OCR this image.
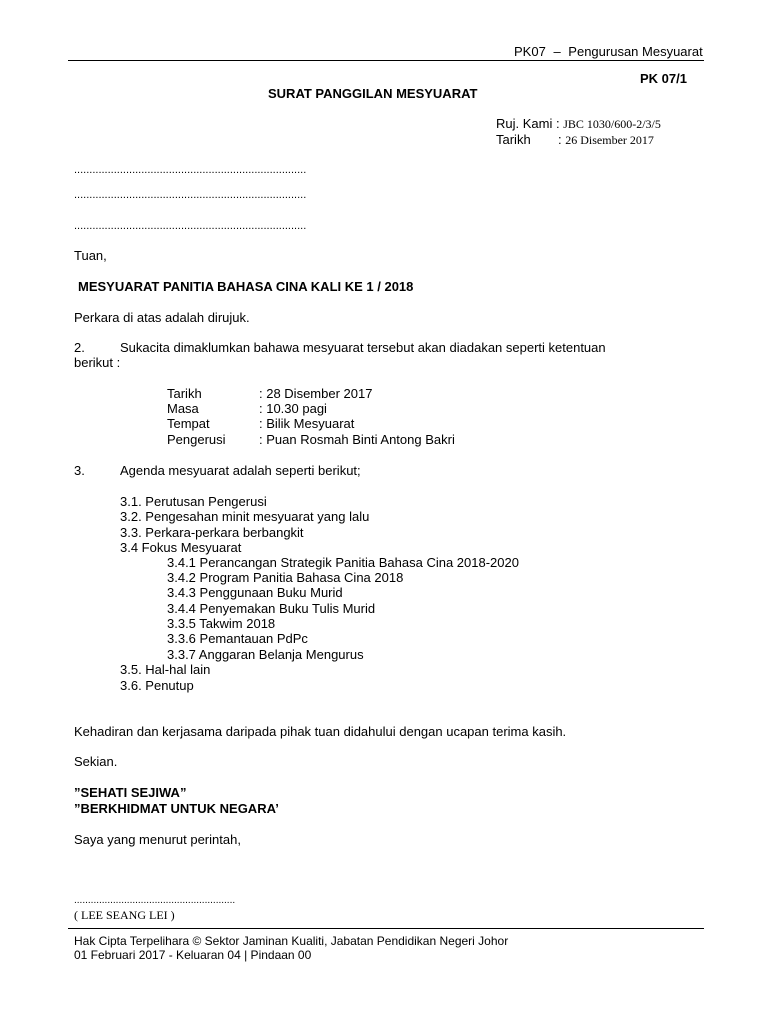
PK07 – Pengurusan Mesyuarat
PK 07/1
SURAT PANGGILAN MESYUARAT
Ruj. Kami : JBC 1030/600-2/3/5
Tarikh : 26 Disember 2017
............................................................................
............................................................................
............................................................................
Tuan,
MESYUARAT PANITIA BAHASA CINA KALI KE 1 / 2018
Perkara di atas adalah dirujuk.
2.	Sukacita dimaklumkan bahawa mesyuarat tersebut akan diadakan seperti ketentuan
berikut :
Tarikh	: 28 Disember 2017
Masa	: 10.30 pagi
Tempat	: Bilik Mesyuarat
Pengerusi	: Puan Rosmah Binti Antong Bakri
3.	Agenda mesyuarat adalah seperti berikut;
3.1. Perutusan Pengerusi
3.2. Pengesahan minit mesyuarat yang lalu
3.3. Perkara-perkara berbangkit
3.4 Fokus Mesyuarat
3.4.1 Perancangan Strategik Panitia Bahasa Cina 2018-2020
3.4.2 Program Panitia Bahasa Cina 2018
3.4.3 Penggunaan Buku Murid
3.4.4 Penyemakan Buku Tulis Murid
3.3.5 Takwim 2018
3.3.6 Pemantauan PdPc
3.3.7 Anggaran Belanja Mengurus
3.5. Hal-hal lain
3.6. Penutup
Kehadiran dan kerjasama daripada pihak tuan didahului dengan ucapan terima kasih.
Sekian.
”SEHATI SEJIWA”
”BERKHIDMAT UNTUK NEGARA’
Saya yang menurut perintah,
..........................................................
( LEE SEANG LEI )
Hak Cipta Terpelihara © Sektor Jaminan Kualiti, Jabatan Pendidikan Negeri Johor
01 Februari 2017 - Keluaran 04 | Pindaan 00
